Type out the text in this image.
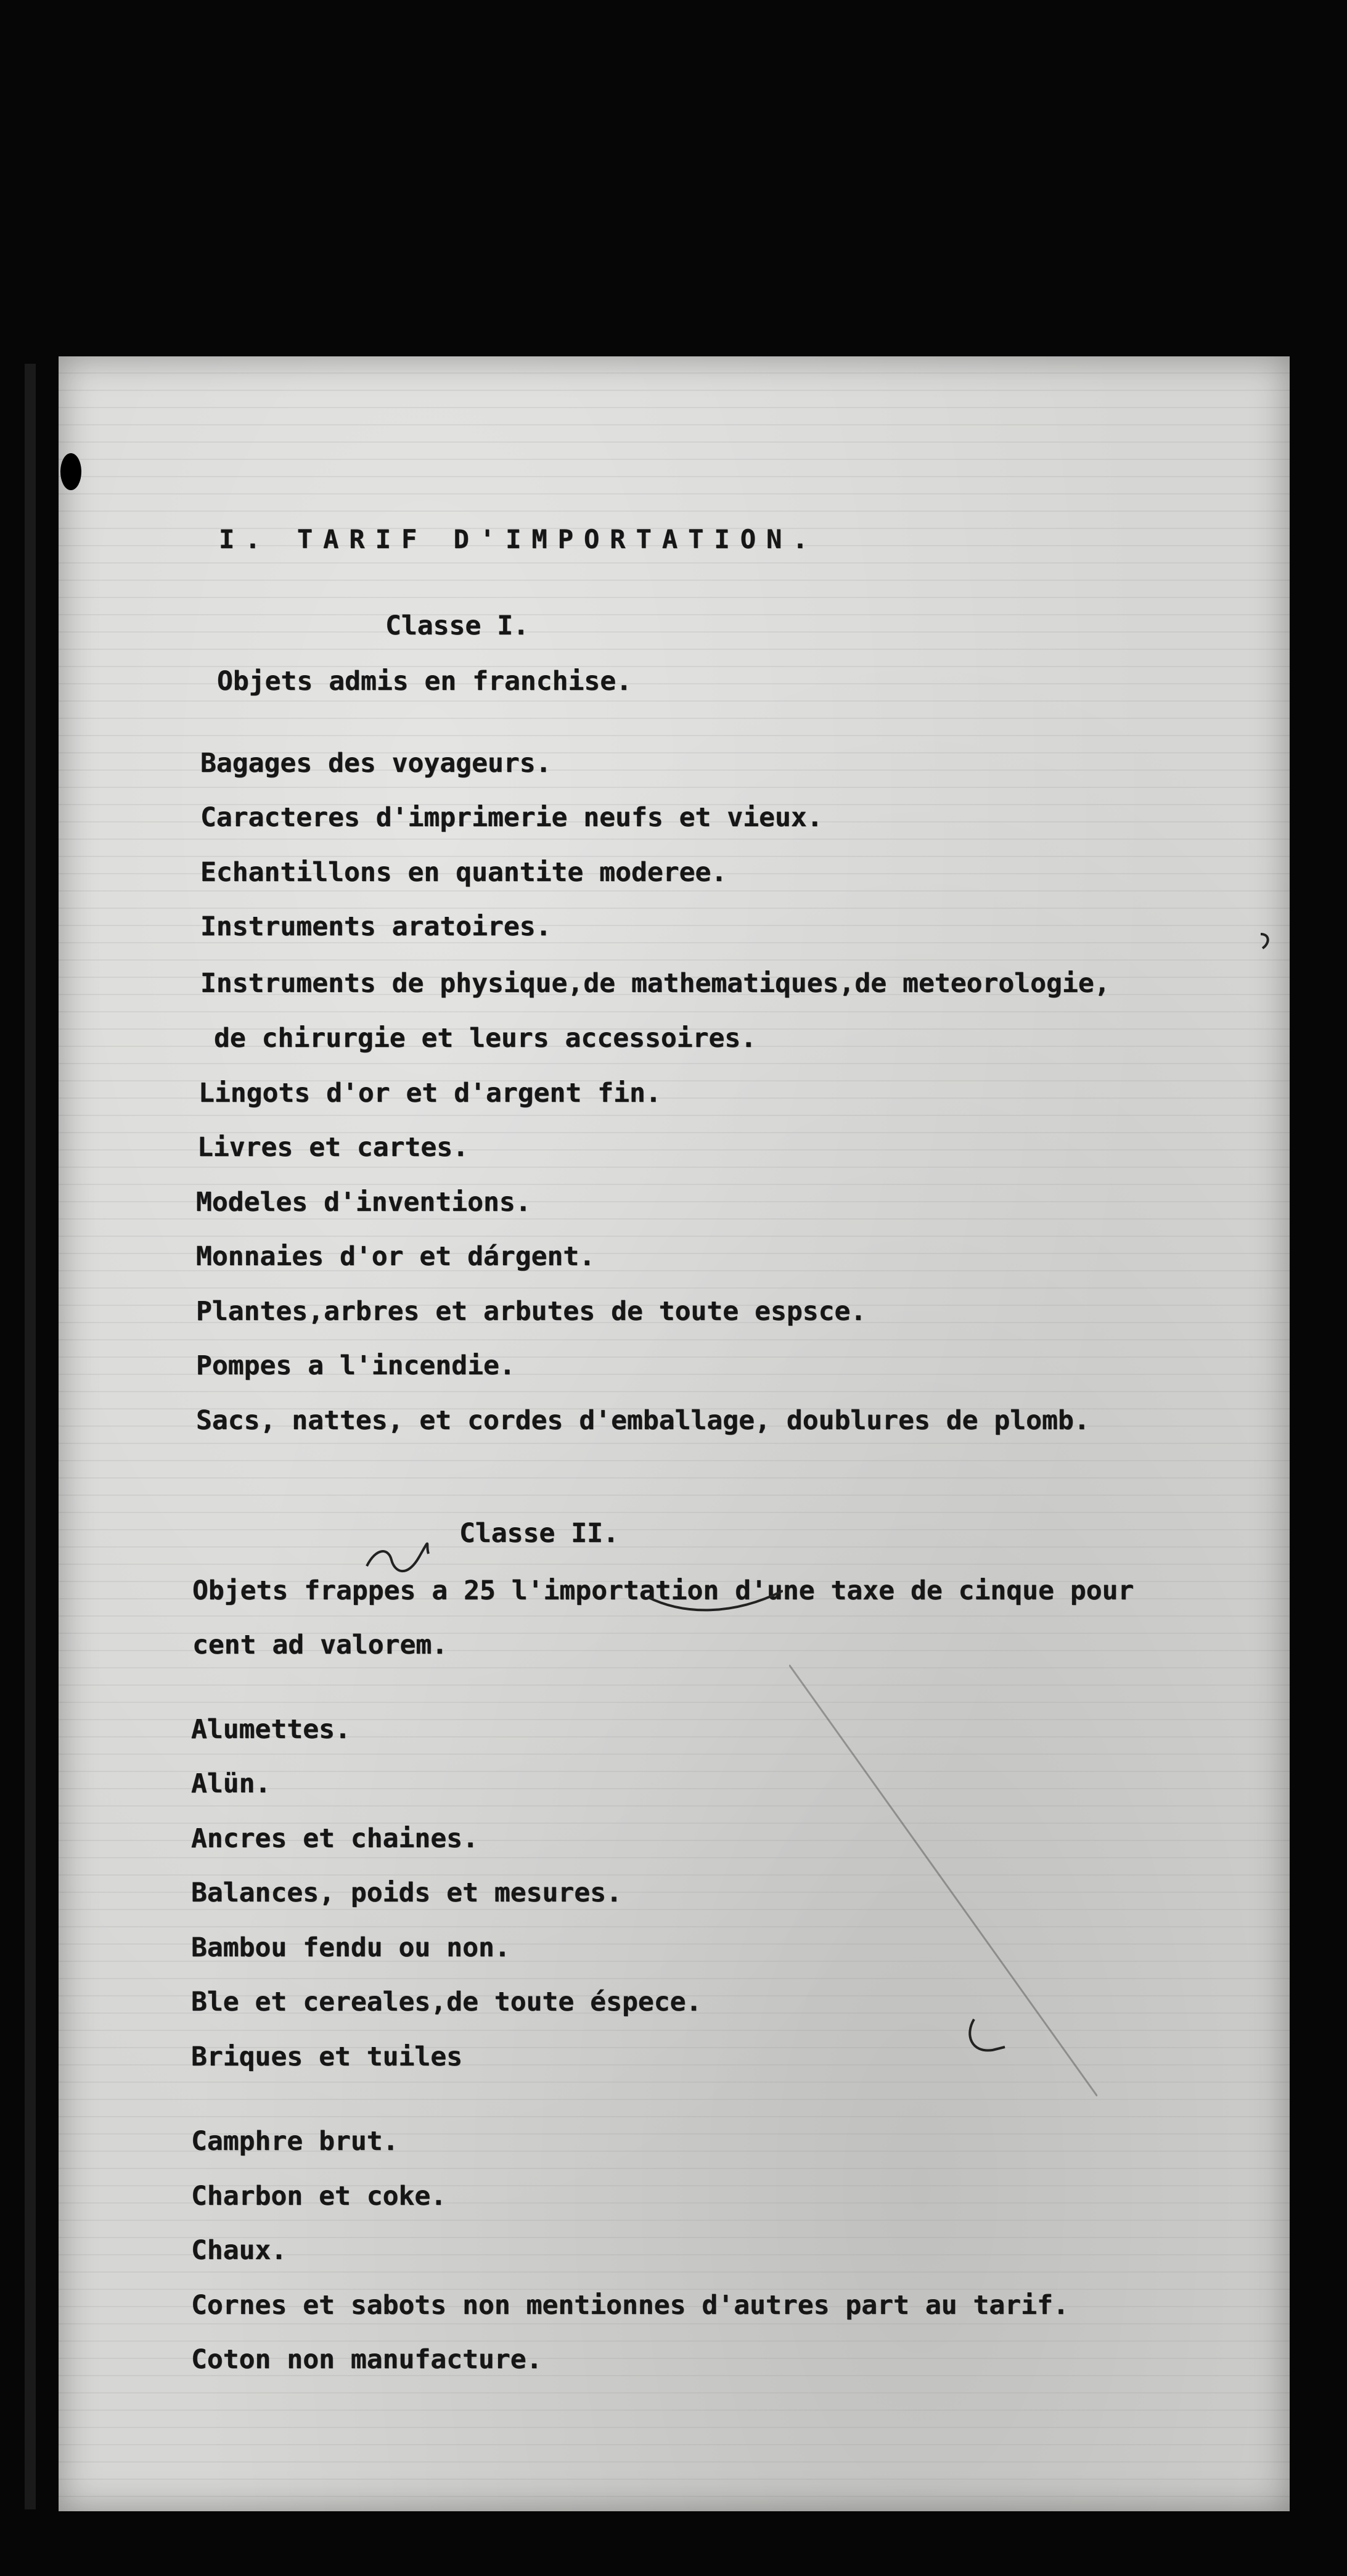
I. TARIF D'IMPORTATION.

Classe I.

Objets admis en franchise.

Bagages des voyageurs.

Caracteres d'imprimerie neufs et vieux.

Echantillons en quantite moderee.

Instruments aratoires.

Instruments de physique,de mathematiques,de meteorologie,

de chirurgie et leurs accessoires.

Lingots d'or et d'argent fin.

Livres et cartes.

Modeles d'inventions.

Monnaies d'or et dárgent.

Plantes,arbres et arbutes de toute espsce.

Pompes a l'incendie.

Sacs, nattes, et cordes d'emballage, doublures de plomb.

Classe II.

Objets frappes a 25 l'importation d'une taxe de cinque pour

cent ad valorem.

Alumettes.

Alün.

Ancres et chaines.

Balances, poids et mesures.

Bambou fendu ou non.

Ble et cereales,de toute éspece.

Briques et tuiles

Camphre brut.

Charbon et coke.

Chaux.

Cornes et sabots non mentionnes d'autres part au tarif.

Coton non manufacture.
